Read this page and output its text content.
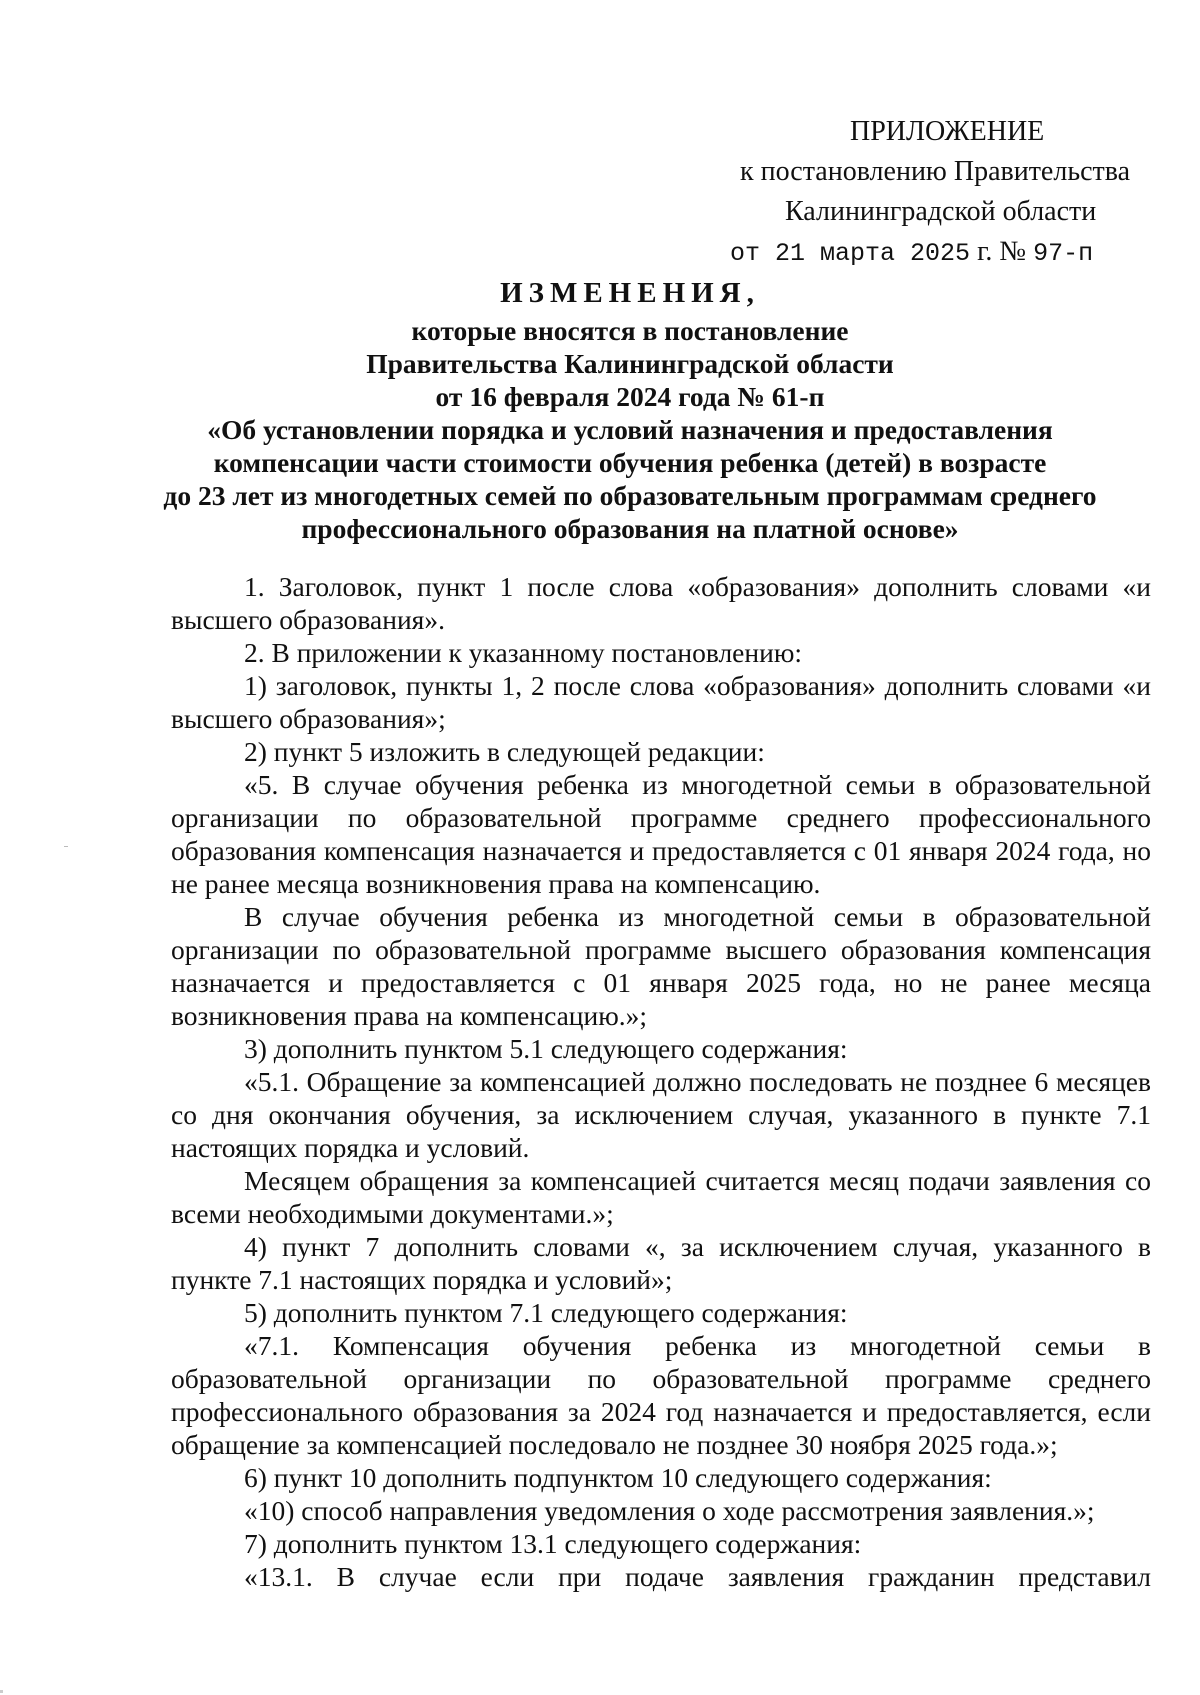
ПРИЛОЖЕНИЕ
к постановлению Правительства
Калининградской области
от 21 марта 2025 г. № 97-п
ИЗМЕНЕНИЯ,
которые вносятся в постановление
Правительства Калининградской области
от 16 февраля 2024 года № 61-п
«Об установлении порядка и условий назначения и предоставления
компенсации части стоимости обучения ребенка (детей) в возрасте
до 23 лет из многодетных семей по образовательным программам среднего
профессионального образования на платной основе»

1. Заголовок, пункт 1 после слова «образования» дополнить словами «и высшего образования».

2. В приложении к указанному постановлению:

1) заголовок, пункты 1, 2 после слова «образования» дополнить словами «и высшего образования»;

2) пункт 5 изложить в следующей редакции:

«5. В случае обучения ребенка из многодетной семьи в образовательной организации по образовательной программе среднего профессионального образования компенсация назначается и предоставляется с 01 января 2024 года, но не ранее месяца возникновения права на компенсацию.

В случае обучения ребенка из многодетной семьи в образовательной организации по образовательной программе высшего образования компенсация назначается и предоставляется с 01 января 2025 года, но не ранее месяца возникновения права на компенсацию.»;

3) дополнить пунктом 5.1 следующего содержания:

«5.1. Обращение за компенсацией должно последовать не позднее 6 месяцев со дня окончания обучения, за исключением случая, указанного в пункте 7.1 настоящих порядка и условий.

Месяцем обращения за компенсацией считается месяц подачи заявления со всеми необходимыми документами.»;

4) пункт 7 дополнить словами «, за исключением случая, указанного в пункте 7.1 настоящих порядка и условий»;

5) дополнить пунктом 7.1 следующего содержания:

«7.1. Компенсация обучения ребенка из многодетной семьи в образовательной организации по образовательной программе среднего профессионального образования за 2024 год назначается и предоставляется, если обращение за компенсацией последовало не позднее 30 ноября 2025 года.»;

6) пункт 10 дополнить подпунктом 10 следующего содержания:

«10) способ направления уведомления о ходе рассмотрения заявления.»;

7) дополнить пунктом 13.1 следующего содержания:

«13.1. В случае если при подаче заявления гражданин представил
